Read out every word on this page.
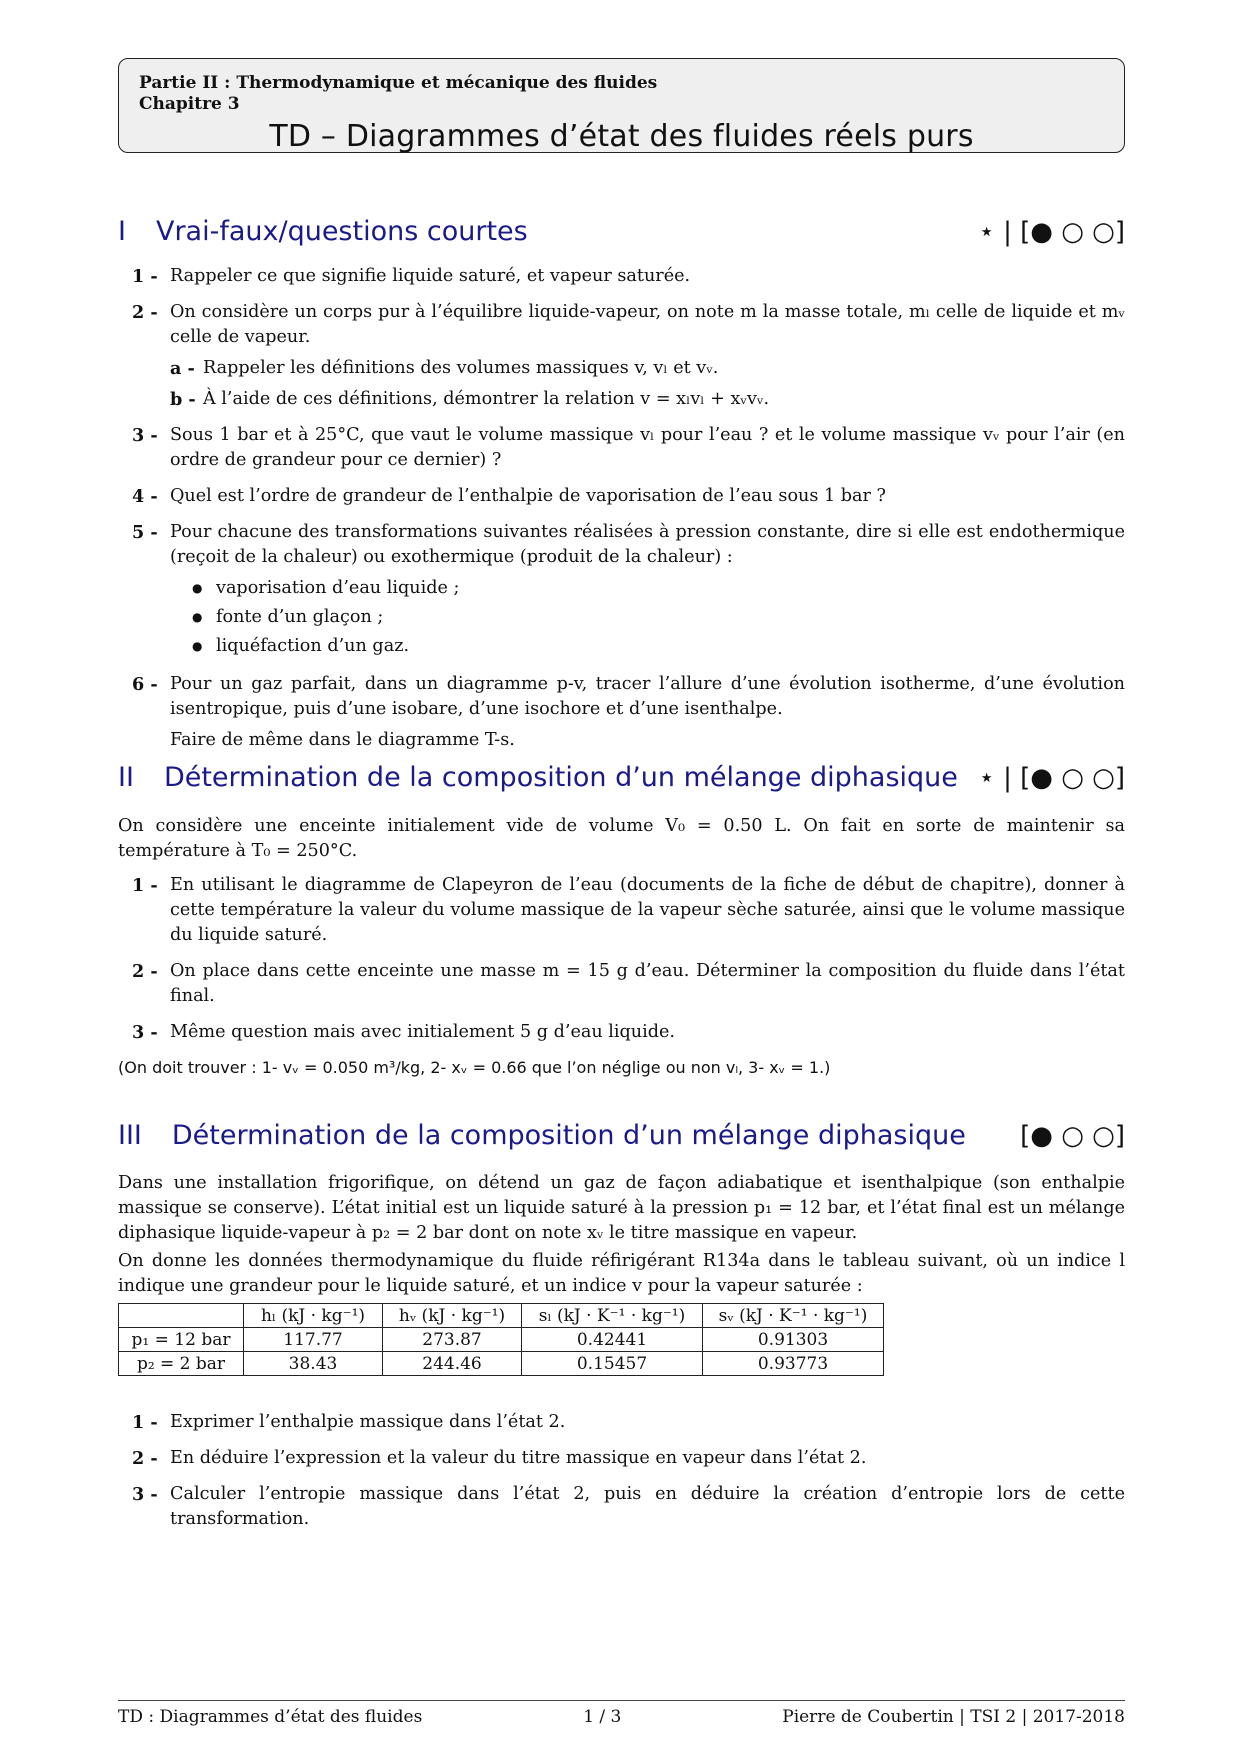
Partie II : Thermodynamique et mécanique des fluides
Chapitre 3
TD – Diagrammes d’état des fluides réels purs
I Vrai-faux/questions courtes	⋆ | [● ○ ○]
1 - Rappeler ce que signifie liquide saturé, et vapeur saturée.
2 - On considère un corps pur à l’équilibre liquide-vapeur, on note m la masse totale, mₗ celle de liquide et mᵥ celle de vapeur.
a - Rappeler les définitions des volumes massiques v, vₗ et vᵥ.
b - À l’aide de ces définitions, démontrer la relation v = xₗvₗ + xᵥvᵥ.
3 - Sous 1 bar et à 25°C, que vaut le volume massique vₗ pour l’eau ? et le volume massique vᵥ pour l’air (en ordre de grandeur pour ce dernier) ?
4 - Quel est l’ordre de grandeur de l’enthalpie de vaporisation de l’eau sous 1 bar ?
5 - Pour chacune des transformations suivantes réalisées à pression constante, dire si elle est endothermique (reçoit de la chaleur) ou exothermique (produit de la chaleur) :
● vaporisation d’eau liquide ;
● fonte d’un glaçon ;
● liquéfaction d’un gaz.
6 - Pour un gaz parfait, dans un diagramme p-v, tracer l’allure d’une évolution isotherme, d’une évolution isentropique, puis d’une isobare, d’une isochore et d’une isenthalpe.
Faire de même dans le diagramme T-s.
II Détermination de la composition d’un mélange diphasique ⋆ | [● ○ ○]
On considère une enceinte initialement vide de volume V₀ = 0.50 L. On fait en sorte de maintenir sa température à T₀ = 250°C.
1 - En utilisant le diagramme de Clapeyron de l’eau (documents de la fiche de début de chapitre), donner à cette température la valeur du volume massique de la vapeur sèche saturée, ainsi que le volume massique du liquide saturé.
2 - On place dans cette enceinte une masse m = 15 g d’eau. Déterminer la composition du fluide dans l’état final.
3 - Même question mais avec initialement 5 g d’eau liquide.
(On doit trouver : 1- vᵥ = 0.050 m³/kg, 2- xᵥ = 0.66 que l’on néglige ou non vₗ, 3- xᵥ = 1.)
III Détermination de la composition d’un mélange diphasique [● ○ ○]
Dans une installation frigorifique, on détend un gaz de façon adiabatique et isenthalpique (son enthalpie massique se conserve). L’état initial est un liquide saturé à la pression p₁ = 12 bar, et l’état final est un mélange diphasique liquide-vapeur à p₂ = 2 bar dont on note xᵥ le titre massique en vapeur.
On donne les données thermodynamique du fluide réfirigérant R134a dans le tableau suivant, où un indice l indique une grandeur pour le liquide saturé, et un indice v pour la vapeur saturée :
	hₗ (kJ · kg⁻¹)	hᵥ (kJ · kg⁻¹)	sₗ (kJ · K⁻¹ · kg⁻¹)	sᵥ (kJ · K⁻¹ · kg⁻¹)
p₁ = 12 bar	117.77	273.87	0.42441	0.91303
p₂ = 2 bar	38.43	244.46	0.15457	0.93773
1 - Exprimer l’enthalpie massique dans l’état 2.
2 - En déduire l’expression et la valeur du titre massique en vapeur dans l’état 2.
3 - Calculer l’entropie massique dans l’état 2, puis en déduire la création d’entropie lors de cette transformation.
TD : Diagrammes d’état des fluides	1 / 3	Pierre de Coubertin | TSI 2 | 2017-2018
